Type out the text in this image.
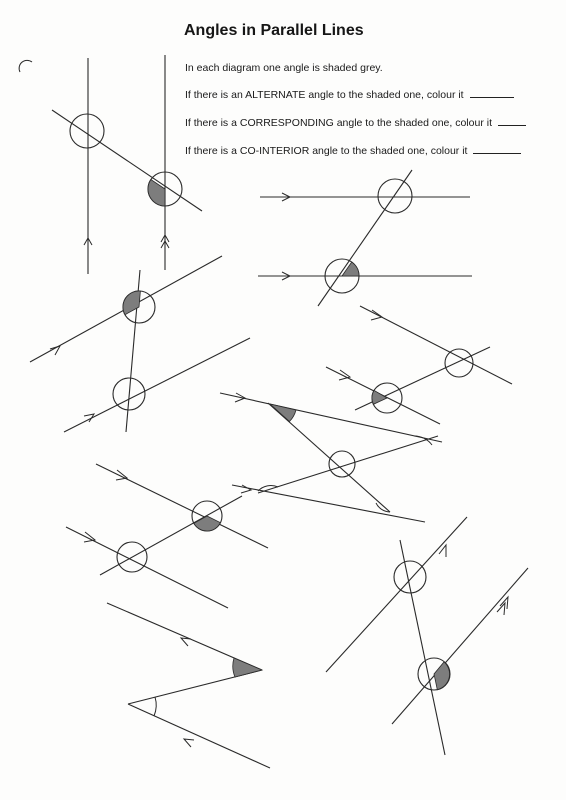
Angles in Parallel Lines

In each diagram one angle is shaded grey.

If there is an ALTERNATE angle to the shaded one, colour it

If there is a CORRESPONDING angle to the shaded one, colour it

If there is a CO-INTERIOR angle to the shaded one, colour it
